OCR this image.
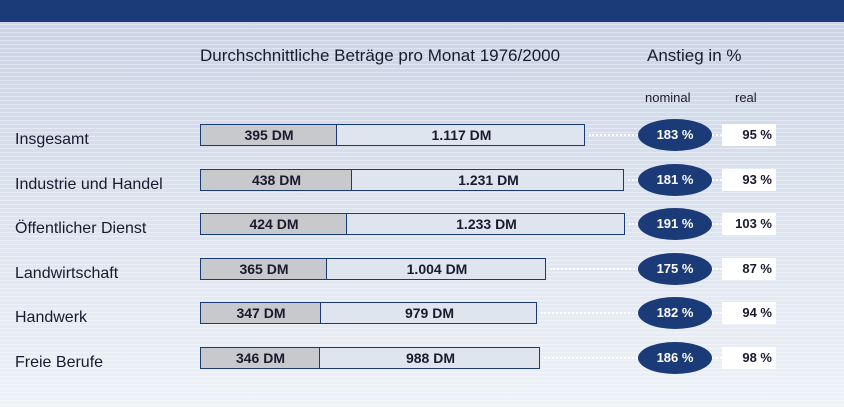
Durchschnittliche Beträge pro Monat 1976/2000	Anstieg in %
nominal	real
Insgesamt	395 DM	1.117 DM	183 %	95 %
Industrie und Handel	438 DM	1.231 DM	181 %	93 %
Öffentlicher Dienst	424 DM	1.233 DM	191 %	103 %
Landwirtschaft	365 DM	1.004 DM	175 %	87 %
Handwerk	347 DM	979 DM	182 %	94 %
Freie Berufe	346 DM	988 DM	186 %	98 %
